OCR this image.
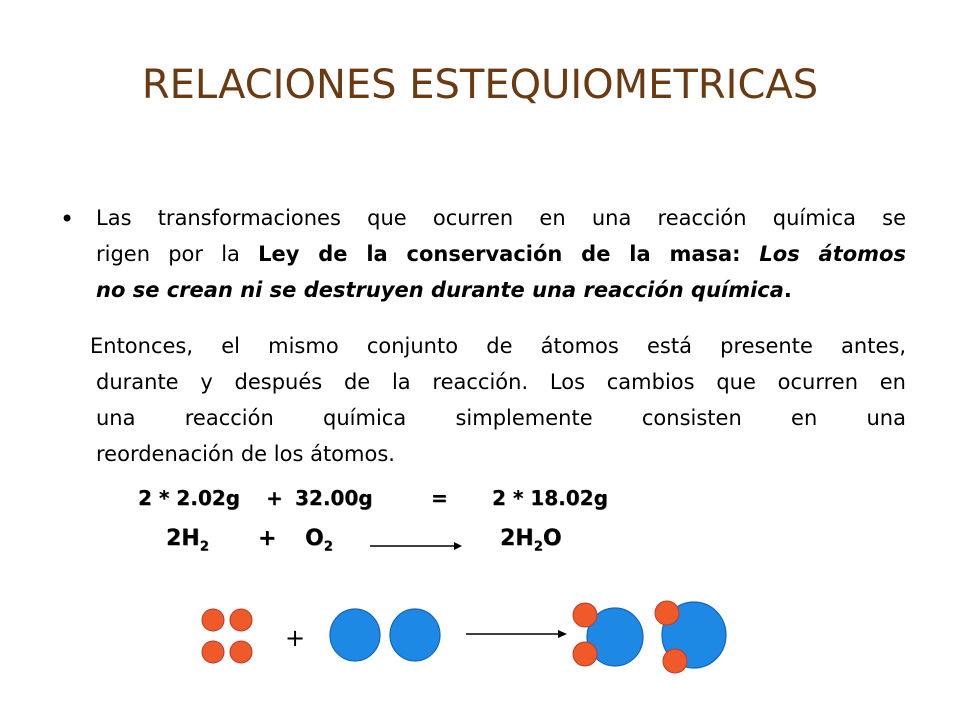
RELACIONES ESTEQUIOMETRICAS
• Las transformaciones que ocurren en una reacción química se
rigen por la Ley de la conservación de la masa: Los átomos
no se crean ni se destruyen durante una reacción química.
Entonces, el mismo conjunto de átomos está presente antes,
durante y después de la reacción. Los cambios que ocurren en
una reacción química simplemente consisten en una
reordenación de los átomos.
2 * 2.02g + 32.00g	= 2 * 18.02g
$2H_2 + O_2$	$2H_2O$
+
